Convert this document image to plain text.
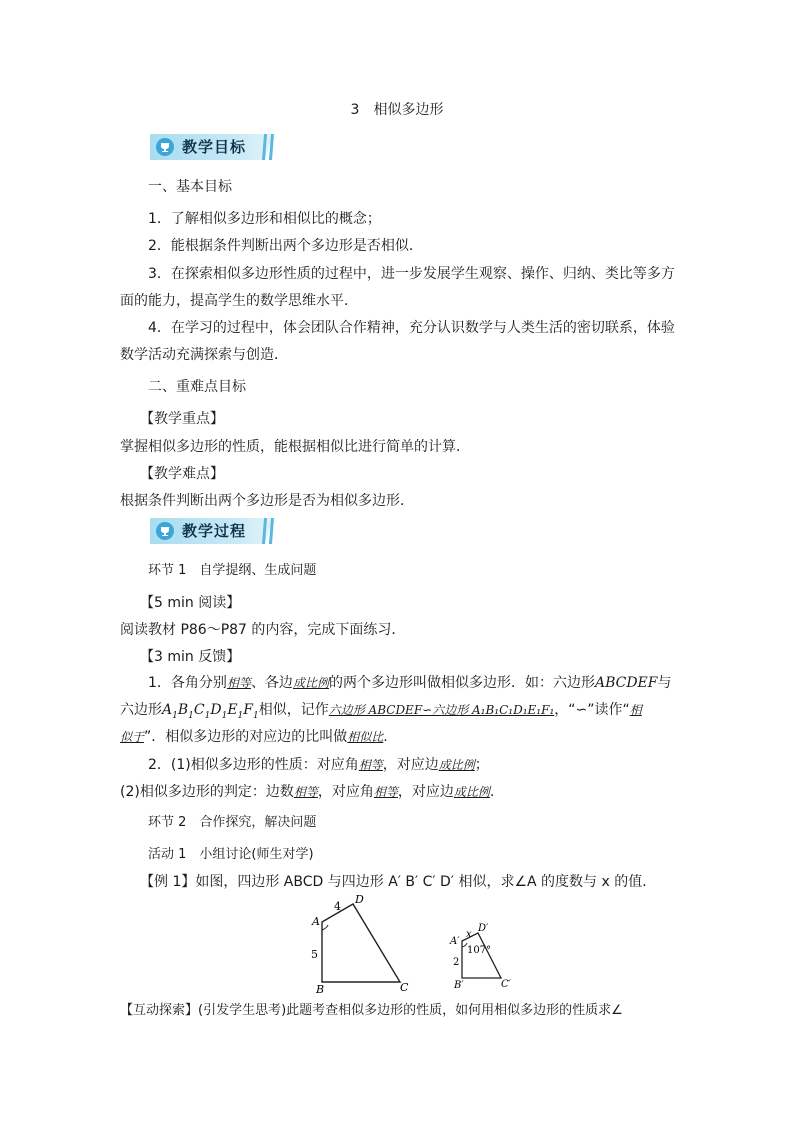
3　相似多边形
教学目标
一、基本目标
1．了解相似多边形和相似比的概念；
2．能根据条件判断出两个多边形是否相似．
3．在探索相似多边形性质的过程中，进一步发展学生观察、操作、归纳、类比等多方
面的能力，提高学生的数学思维水平．
4．在学习的过程中，体会团队合作精神，充分认识数学与人类生活的密切联系，体验
数学活动充满探索与创造．
二、重难点目标
【教学重点】
掌握相似多边形的性质，能根据相似比进行简单的计算．
【教学难点】
根据条件判断出两个多边形是否为相似多边形．
教学过程
环节 1　自学提纲、生成问题
【5 min 阅读】
阅读教材 P86～P87 的内容，完成下面练习．
【3 min 反馈】
1．各角分别相等、各边成比例的两个多边形叫做相似多边形．如：六边形ABCDEF与
六边形$A_1B_1C_1D_1E_1F_1$相似，记作六边形 ABCDEF∽六边形 A₁B₁C₁D₁E₁F₁，“∽”读作“相
似于”．相似多边形的对应边的比叫做相似比.
2．(1)相似多边形的性质：对应角相等，对应边成比例；
(2)相似多边形的判定：边数相等，对应角相等，对应边成比例.
环节 2　合作探究，解决问题
活动 1　小组讨论(师生对学)
【例 1】如图，四边形 ABCD 与四边形 A′ B′ C′ D′ 相似，求∠A 的度数与 x 的值．
A
B	C
D
4
5
A′
B′	C′
D′
x
2
107°
【互动探索】(引发学生思考)此题考查相似多边形的性质，如何用相似多边形的性质求∠
